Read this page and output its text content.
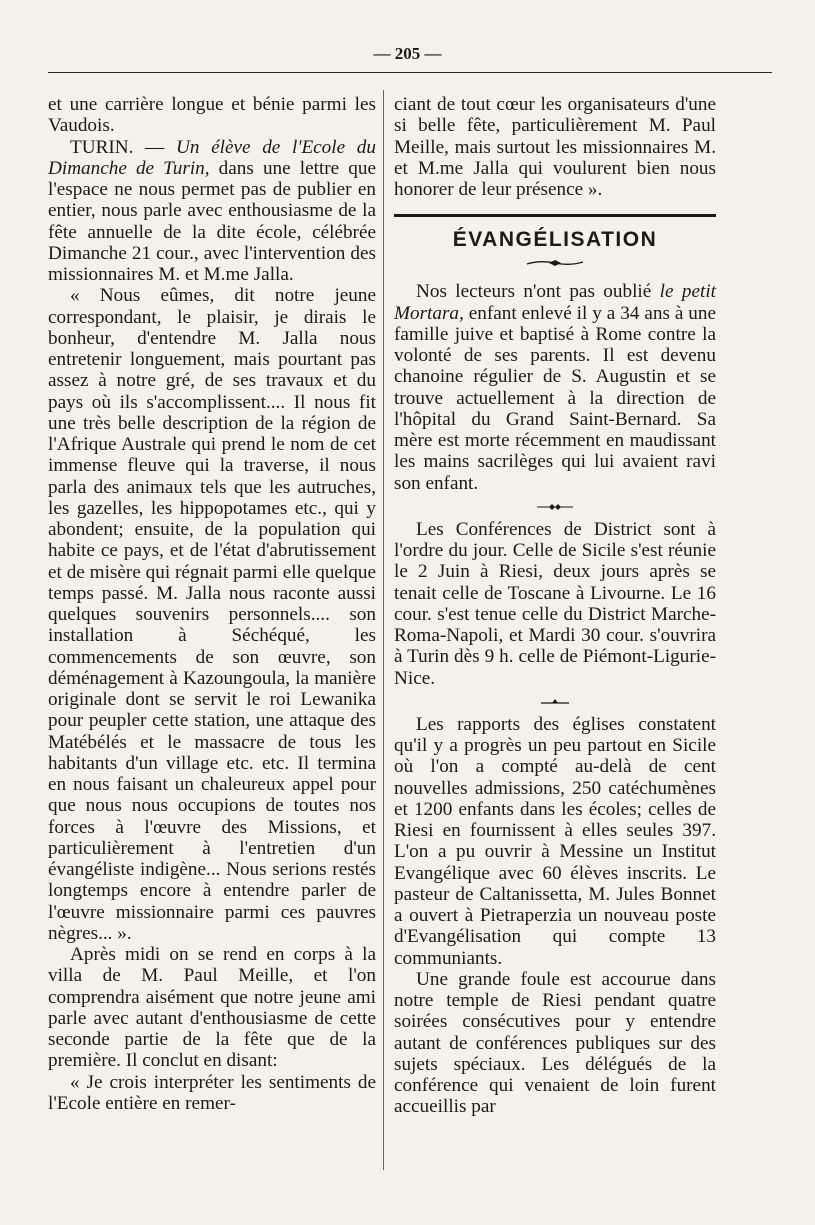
— 205 —

et une carrière longue et bénie parmi les Vaudois.

TURIN. — Un élève de l'Ecole du Dimanche de Turin, dans une lettre que l'espace ne nous permet pas de publier en entier, nous parle avec enthousiasme de la fête annuelle de la dite école, célébrée Dimanche 21 cour., avec l'intervention des missionnaires M. et M.me Jalla.

« Nous eûmes, dit notre jeune correspondant, le plaisir, je dirais le bonheur, d'entendre M. Jalla nous entretenir longuement, mais pourtant pas assez à notre gré, de ses travaux et du pays où ils s'accomplissent.... Il nous fit une très belle description de la région de l'Afrique Australe qui prend le nom de cet immense fleuve qui la traverse, il nous parla des animaux tels que les autruches, les gazelles, les hippopotames etc., qui y abondent; ensuite, de la population qui habite ce pays, et de l'état d'abrutissement et de misère qui régnait parmi elle quelque temps passé. M. Jalla nous raconte aussi quelques souvenirs personnels.... son installation à Séchéqué, les commencements de son œuvre, son déménagement à Kazoungoula, la manière originale dont se servit le roi Lewanika pour peupler cette station, une attaque des Matébélés et le massacre de tous les habitants d'un village etc. etc. Il termina en nous faisant un chaleureux appel pour que nous nous occupions de toutes nos forces à l'œuvre des Missions, et particulièrement à l'entretien d'un évangéliste indigène... Nous serions restés longtemps encore à entendre parler de l'œuvre missionnaire parmi ces pauvres nègres... ».

Après midi on se rend en corps à la villa de M. Paul Meille, et l'on comprendra aisément que notre jeune ami parle avec autant d'enthousiasme de cette seconde partie de la fête que de la première. Il conclut en disant:

« Je crois interpréter les sentiments de l'Ecole entière en remer-

ciant de tout cœur les organisateurs d'une si belle fête, particulièrement M. Paul Meille, mais surtout les missionnaires M. et M.me Jalla qui voulurent bien nous honorer de leur présence ».

ÉVANGÉLISATION

Nos lecteurs n'ont pas oublié le petit Mortara, enfant enlevé il y a 34 ans à une famille juive et baptisé à Rome contre la volonté de ses parents. Il est devenu chanoine régulier de S. Augustin et se trouve actuellement à la direction de l'hôpital du Grand Saint-Bernard. Sa mère est morte récemment en maudissant les mains sacrilèges qui lui avaient ravi son enfant.

Les Conférences de District sont à l'ordre du jour. Celle de Sicile s'est réunie le 2 Juin à Riesi, deux jours après se tenait celle de Toscane à Livourne. Le 16 cour. s'est tenue celle du District Marche-Roma-Napoli, et Mardi 30 cour. s'ouvrira à Turin dès 9 h. celle de Piémont-Ligurie-Nice.

Les rapports des églises constatent qu'il y a progrès un peu partout en Sicile où l'on a compté au-delà de cent nouvelles admissions, 250 catéchumènes et 1200 enfants dans les écoles; celles de Riesi en fournissent à elles seules 397. L'on a pu ouvrir à Messine un Institut Evangélique avec 60 élèves inscrits. Le pasteur de Caltanissetta, M. Jules Bonnet a ouvert à Pietraperzia un nouveau poste d'Evangélisation qui compte 13 communiants.

Une grande foule est accourue dans notre temple de Riesi pendant quatre soirées consécutives pour y entendre autant de conférences publiques sur des sujets spéciaux. Les délégués de la conférence qui venaient de loin furent accueillis par
